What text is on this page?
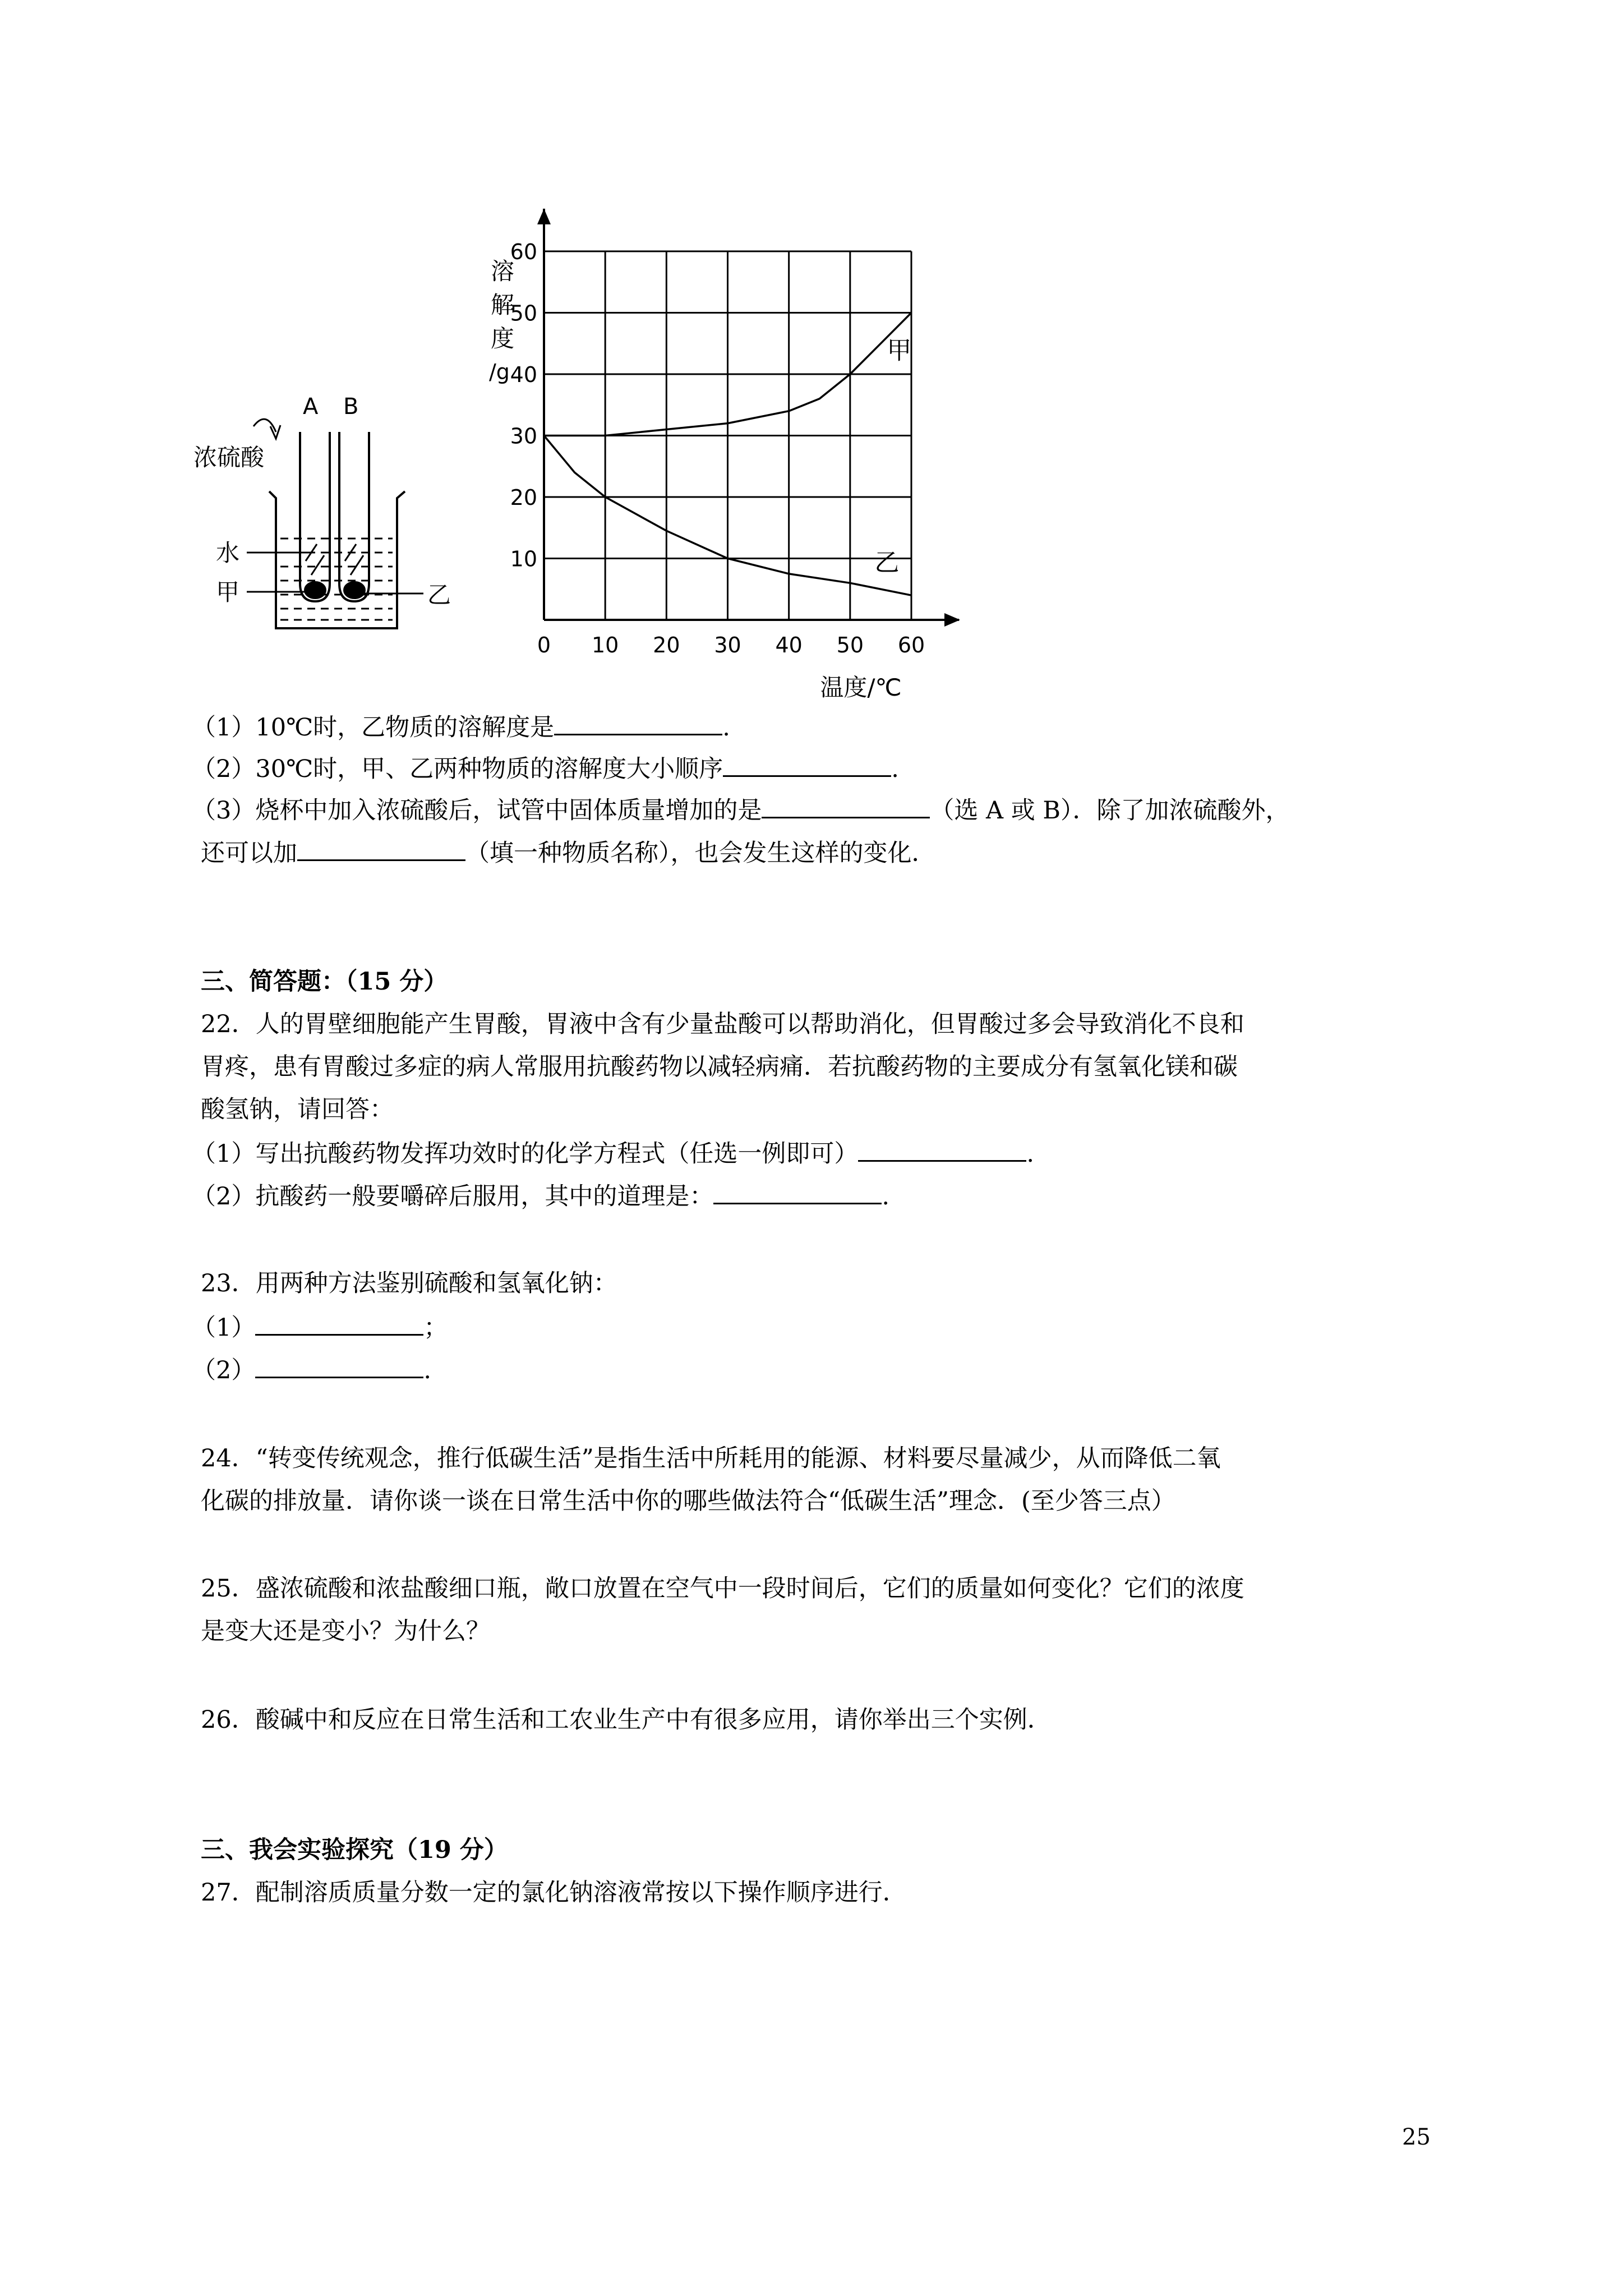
A B
浓硫酸
水
甲	乙
0 10 20 30 40 50 60
10
20
30
40
50
60
溶
解
度
/g
温度/℃
甲
乙
（1）10℃时，乙物质的溶解度是	.
（2）30℃时，甲、乙两种物质的溶解度大小顺序	.
（3）烧杯中加入浓硫酸后，试管中固体质量增加的是	（选 A 或 B）．除了加浓硫酸外，
还可以加	（填一种物质名称），也会发生这样的变化．
三、简答题：（15 分）
22．人的胃壁细胞能产生胃酸，胃液中含有少量盐酸可以帮助消化，但胃酸过多会导致消化不良和
胃疼，患有胃酸过多症的病人常服用抗酸药物以减轻病痛．若抗酸药物的主要成分有氢氧化镁和碳
酸氢钠，请回答：
（1）写出抗酸药物发挥功效时的化学方程式（任选一例即可）	.
（2）抗酸药一般要嚼碎后服用，其中的道理是：	.
23．用两种方法鉴别硫酸和氢氧化钠：
（1）	；
（2）	.
24．“转变传统观念，推行低碳生活”是指生活中所耗用的能源、材料要尽量减少，从而降低二氧
化碳的排放量．请你谈一谈在日常生活中你的哪些做法符合“低碳生活”理念．(至少答三点）
25．盛浓硫酸和浓盐酸细口瓶，敞口放置在空气中一段时间后，它们的质量如何变化？它们的浓度
是变大还是变小？为什么？
26．酸碱中和反应在日常生活和工农业生产中有很多应用，请你举出三个实例．
三、我会实验探究（19 分）
27．配制溶质质量分数一定的氯化钠溶液常按以下操作顺序进行．
25
